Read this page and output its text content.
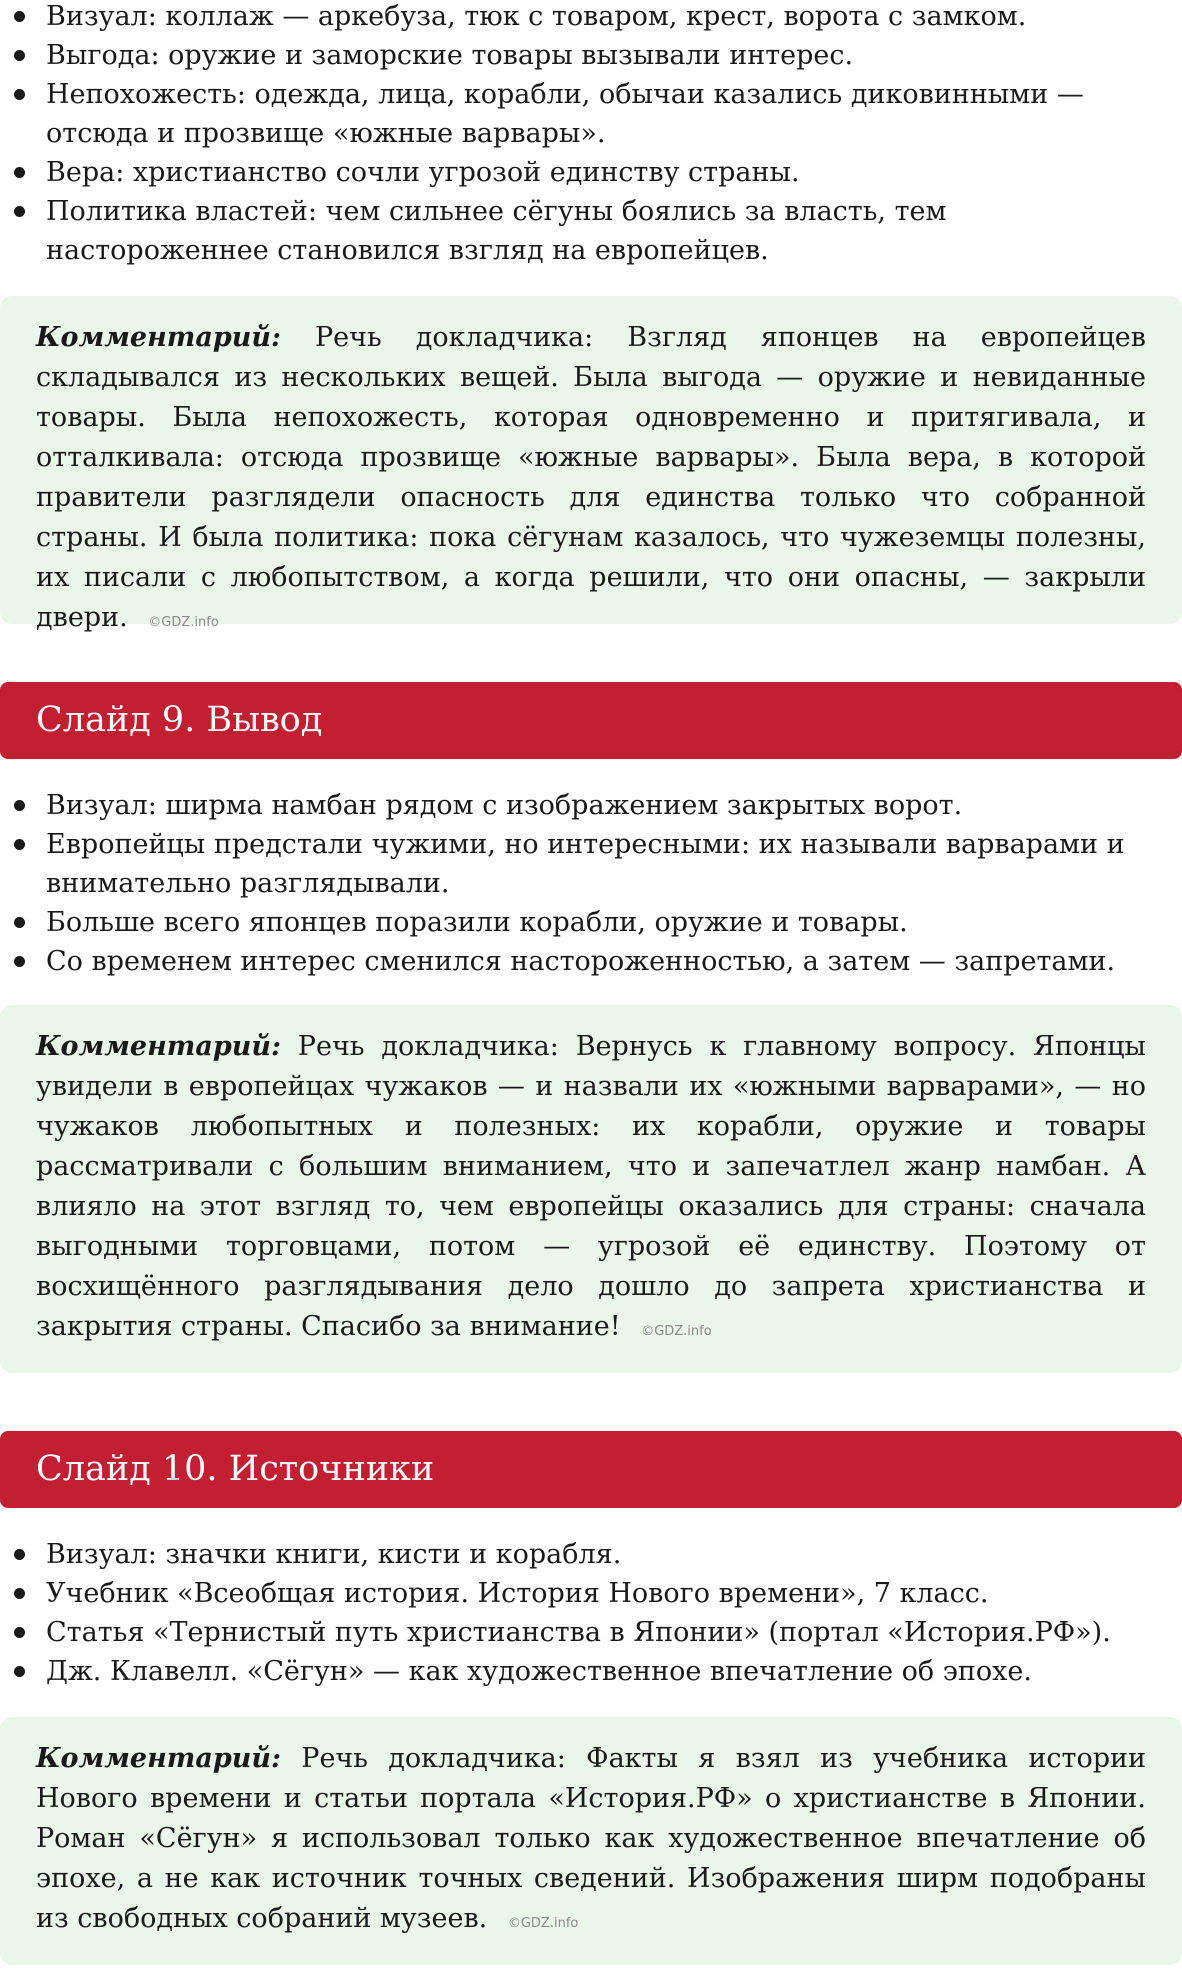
Визуал: коллаж — аркебуза, тюк с товаром, крест, ворота с замком.
Выгода: оружие и заморские товары вызывали интерес.
Непохожесть: одежда, лица, корабли, обычаи казались диковинными — отсюда и прозвище «южные варвары».
Вера: христианство сочли угрозой единству страны.
Политика властей: чем сильнее сёгуны боялись за власть, тем настороженнее становился взгляд на европейцев.
Комментарий: Речь докладчика: Взгляд японцев на европейцев складывался из нескольких вещей. Была выгода — оружие и невиданные товары. Была непохожесть, которая одновременно и притягивала, и отталкивала: отсюда прозвище «южные варвары». Была вера, в которой правители разглядели опасность для единства только что собранной страны. И была политика: пока сёгунам казалось, что чужеземцы полезны, их писали с любопытством, а когда решили, что они опасны, — закрыли двери. ©GDZ.info
Слайд 9. Вывод
Визуал: ширма намбан рядом с изображением закрытых ворот.
Европейцы предстали чужими, но интересными: их называли варварами и внимательно разглядывали.
Больше всего японцев поразили корабли, оружие и товары.
Со временем интерес сменился настороженностью, а затем — запретами.
Комментарий: Речь докладчика: Вернусь к главному вопросу. Японцы увидели в европейцах чужаков — и назвали их «южными варварами», — но чужаков любопытных и полезных: их корабли, оружие и товары рассматривали с большим вниманием, что и запечатлел жанр намбан. А влияло на этот взгляд то, чем европейцы оказались для страны: сначала выгодными торговцами, потом — угрозой её единству. Поэтому от восхищённого разглядывания дело дошло до запрета христианства и закрытия страны. Спасибо за внимание! ©GDZ.info
Слайд 10. Источники
Визуал: значки книги, кисти и корабля.
Учебник «Всеобщая история. История Нового времени», 7 класс.
Статья «Тернистый путь христианства в Японии» (портал «История.РФ»).
Дж. Клавелл. «Сёгун» — как художественное впечатление об эпохе.
Комментарий: Речь докладчика: Факты я взял из учебника истории Нового времени и статьи портала «История.РФ» о христианстве в Японии. Роман «Сёгун» я использовал только как художественное впечатление об эпохе, а не как источник точных сведений. Изображения ширм подобраны из свободных собраний музеев. ©GDZ.info
